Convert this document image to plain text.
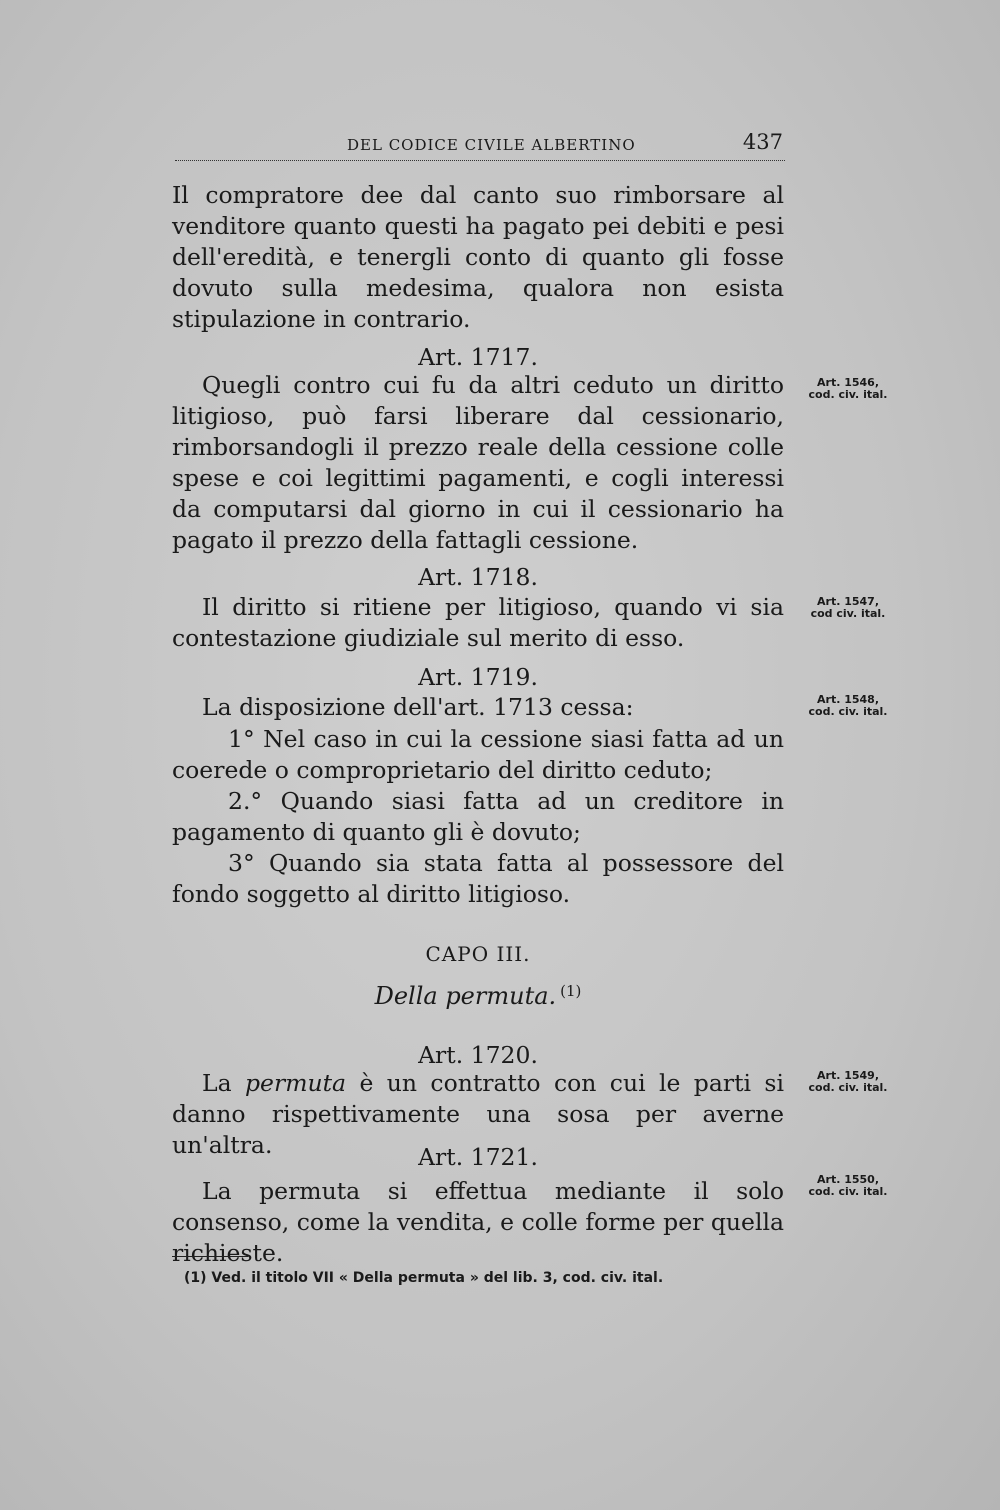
DEL CODICE CIVILE ALBERTINO	437

Il compratore dee dal canto suo rimborsare al venditore quanto questi ha pagato pei debiti e pesi dell'eredità, e tenergli conto di quanto gli fosse dovuto sulla medesima, qualora non esista stipulazione in contrario.

Art. 1717.

Quegli contro cui fu da altri ceduto un diritto litigioso, può farsi liberare dal cessionario, rimborsandogli il prezzo reale della cessione colle spese e coi legittimi pagamenti, e cogli interessi da computarsi dal giorno in cui il cessionario ha pagato il prezzo della fattagli cessione.

Art. 1718.

Il diritto si ritiene per litigioso, quando vi sia contestazione giudiziale sul merito di esso.

Art. 1719.

La disposizione dell'art. 1713 cessa:

1° Nel caso in cui la cessione siasi fatta ad un coerede o comproprietario del diritto ceduto;

2.° Quando siasi fatta ad un creditore in pagamento di quanto gli è dovuto;

3° Quando sia stata fatta al possessore del fondo soggetto al diritto litigioso.

CAPO III.
Della permuta. $^{(1)}$

Art. 1720.

La permuta è un contratto con cui le parti si danno rispettivamente una sosa per averne un'altra.	Art. 1721.

La permuta si effettua mediante il solo consenso, come la vendita, e colle forme per quella richieste.

Art. 1546,
cod. civ. ital.
Art. 1547,
cod civ. ital.
Art. 1548,
cod. civ. ital.
Art. 1549,
cod. civ. ital.
Art. 1550,
cod. civ. ital.
(1) Ved. il titolo VII « Della permuta » del lib. 3, cod. civ. ital.
